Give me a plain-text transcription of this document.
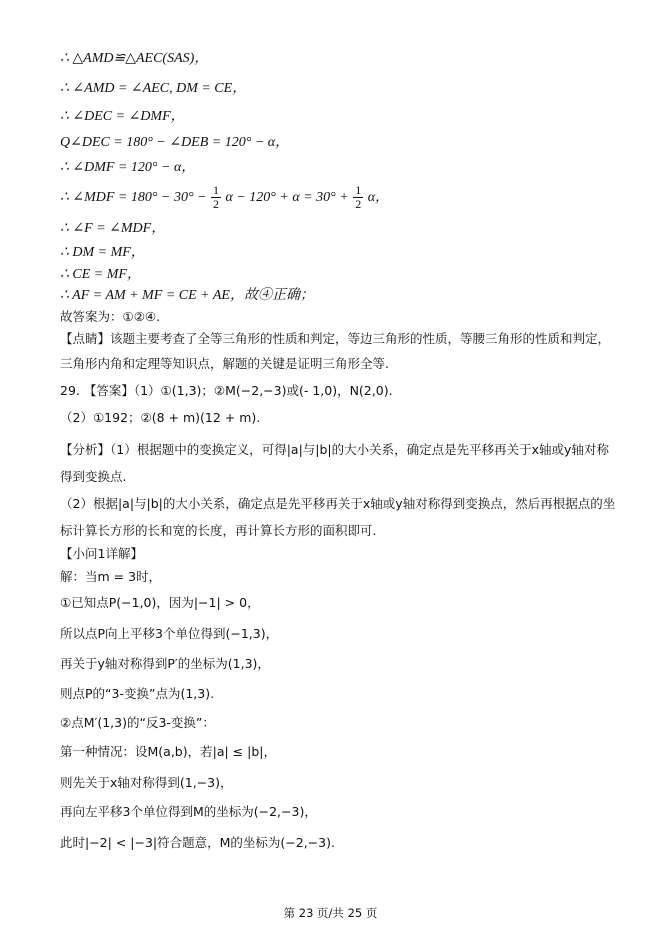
∴ △AMD≌△AEC(SAS)，
∴ ∠AMD = ∠AEC, DM = CE，
∴ ∠DEC = ∠DMF，
Q∠DEC = 180° − ∠DEB = 120° − α，
∴ ∠DMF = 120° − α，
∴ ∠MDF = $180^\circ - 30^\circ - \frac{1}{2}$ $\alpha - 120^\circ + \alpha = 30^\circ + \frac{1}{2}$ α，
∴ ∠F = ∠MDF，
∴ DM = MF，
∴ CE = MF，
∴ AF = AM + MF = CE + AE，故④正确；
故答案为：①②④.
【点睛】该题主要考查了全等三角形的性质和判定，等边三角形的性质，等腰三角形的性质和判定，三角形内角和定理等知识点，解题的关键是证明三角形全等.
29. 【答案】（1）①(1,3)；②M(−2,−3)或(- 1,0)，N(2,0).
（2）①192；②(8 + m)(12 + m).
【分析】（1）根据题中的变换定义，可得|a|与|b|的大小关系，确定点是先平移再关于x轴或y轴对称得到变换点.
（2）根据|a|与|b|的大小关系，确定点是先平移再关于x轴或y轴对称得到变换点，然后再根据点的坐标计算长方形的长和宽的长度，再计算长方形的面积即可.
【小问1详解】
解：当m = 3时，
①已知点P(−1,0)，因为|−1| > 0，
所以点P向上平移3个单位得到(−1,3)，
再关于y轴对称得到P′的坐标为(1,3)，
则点P的“3-变换”点为(1,3).
②点M′(1,3)的“反3-变换”：
第一种情况：设M(a,b)，若|a| ≤ |b|，
则先关于x轴对称得到(1,−3)，
再向左平移3个单位得到M的坐标为(−2,−3)，
此时|−2| < |−3|符合题意，M的坐标为(−2,−3).
第 23 页/共 25 页
